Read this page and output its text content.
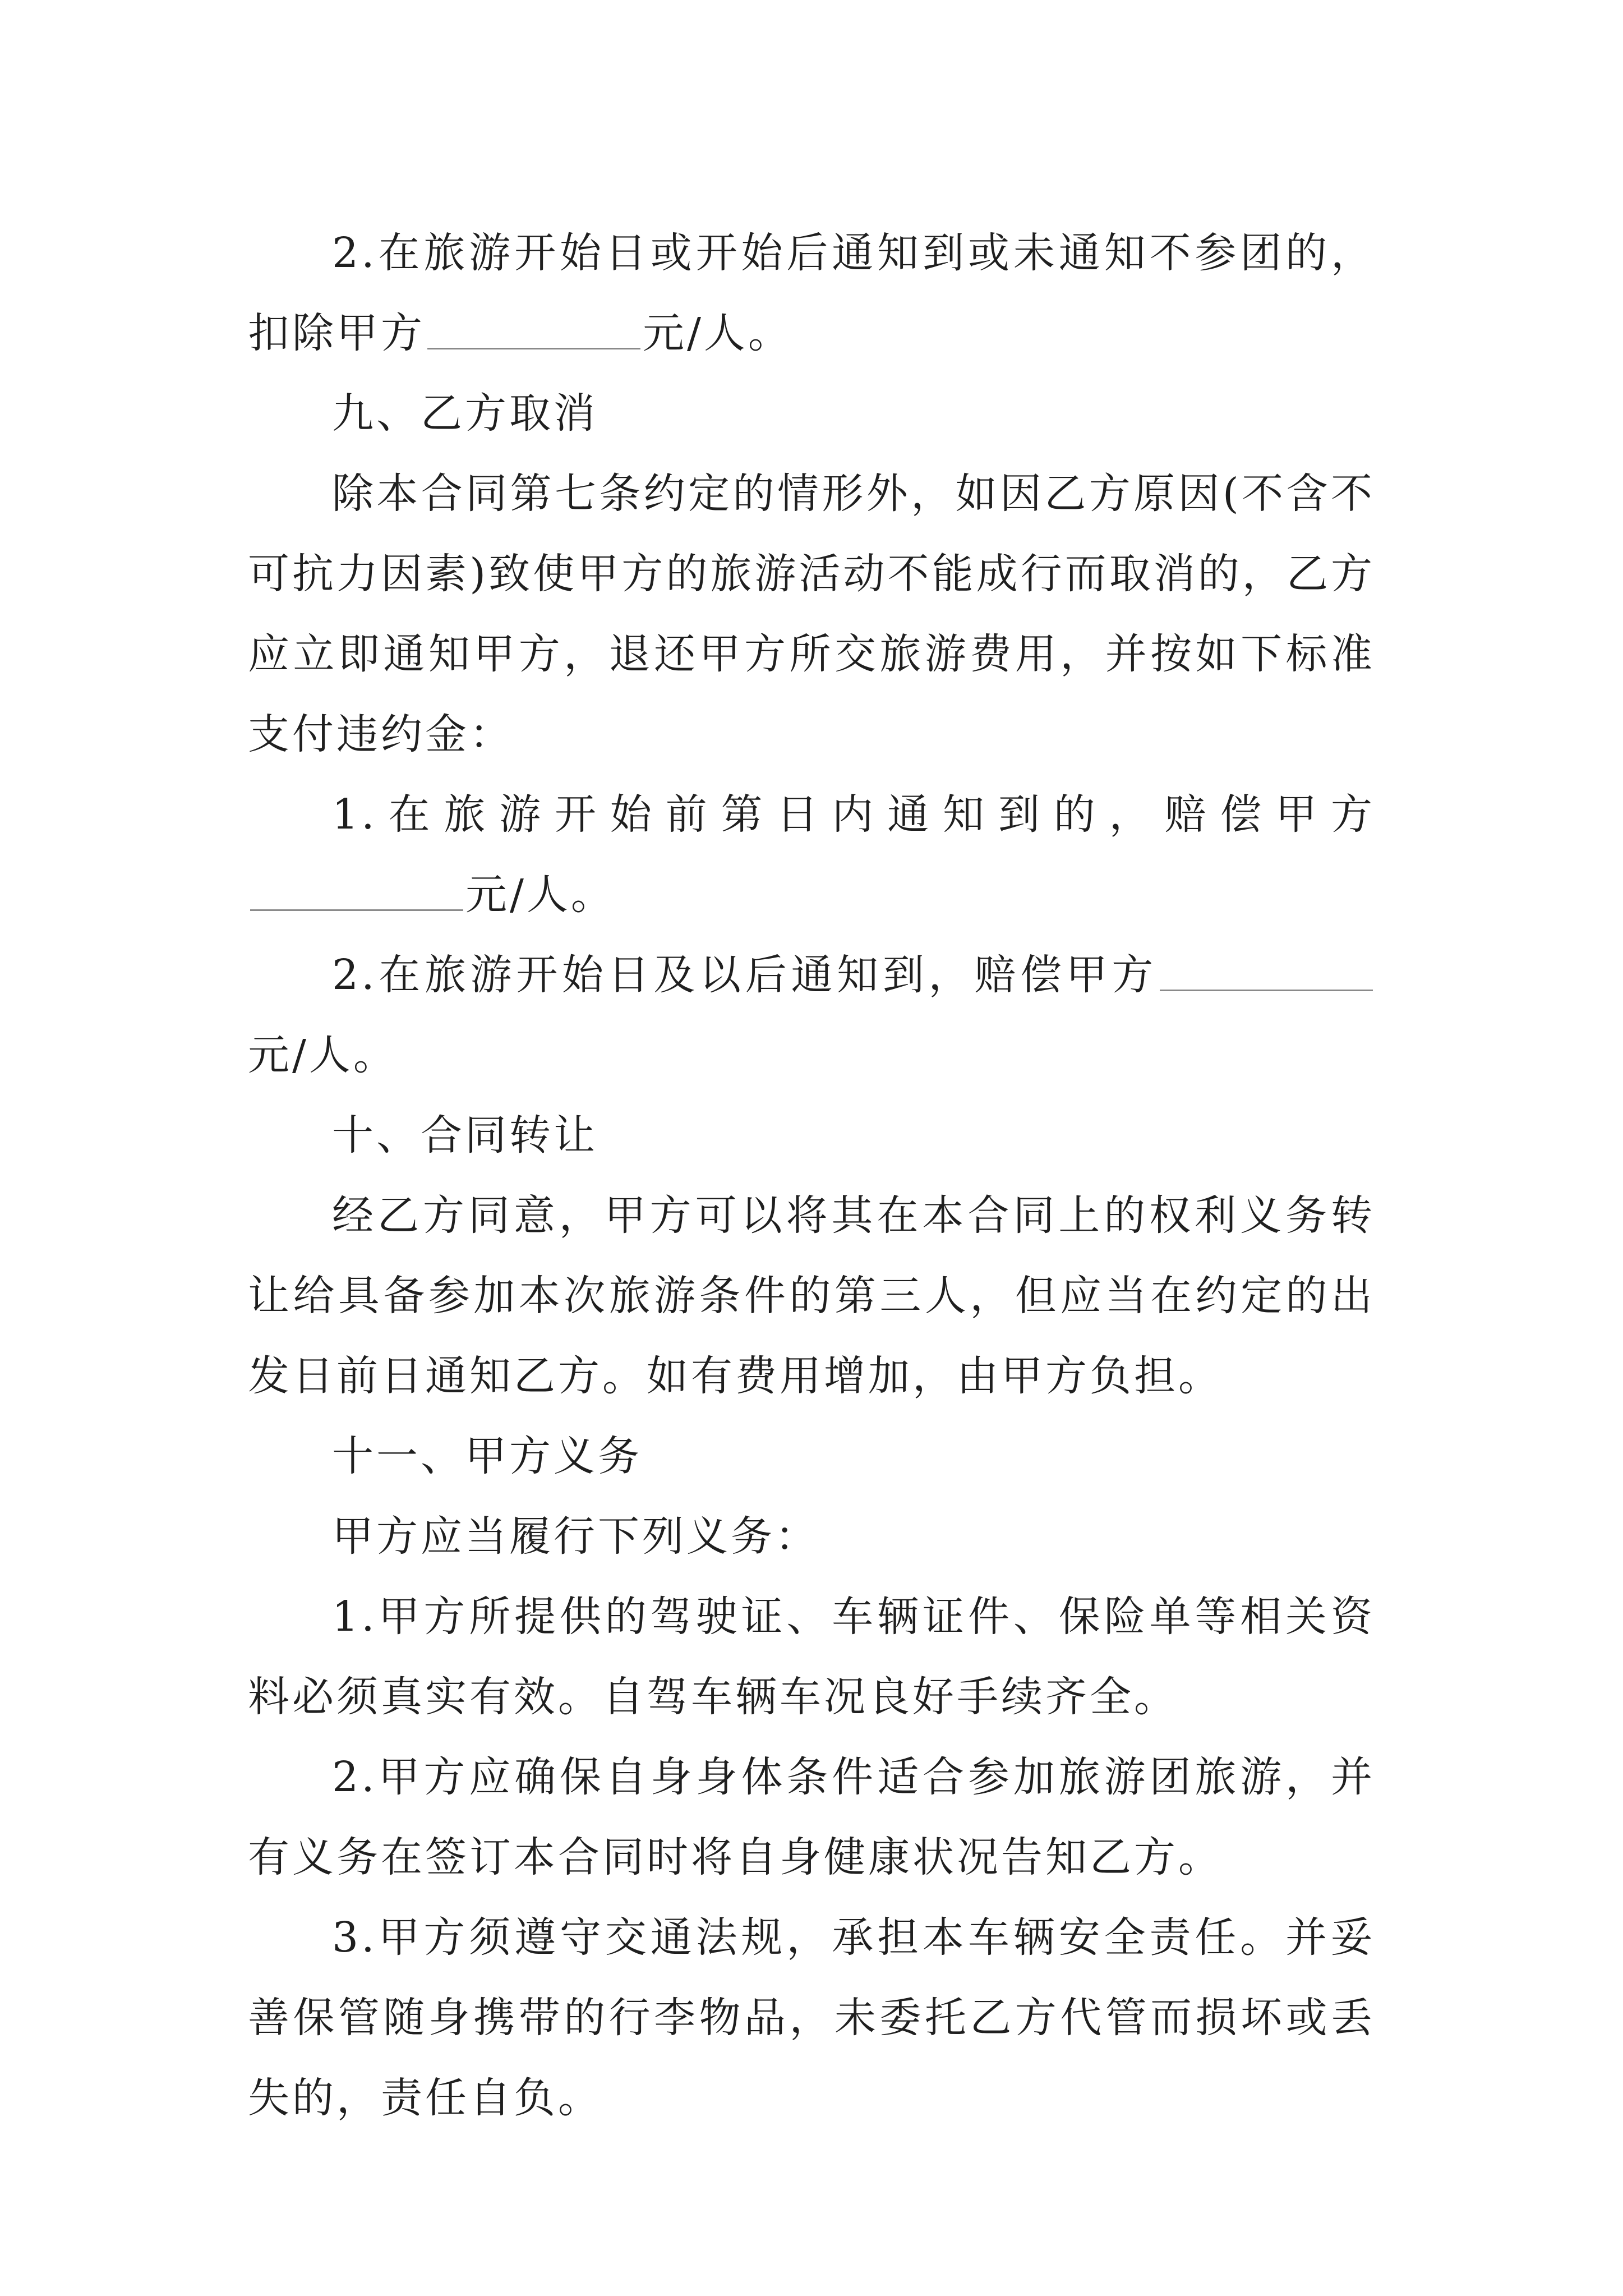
2.在旅游开始日或开始后通知到或未通知不参团的，扣除甲方	元/人。

九、乙方取消

除本合同第七条约定的情形外，如因乙方原因(不含不可抗力因素)致使甲方的旅游活动不能成行而取消的，乙方应立即通知甲方，退还甲方所交旅游费用，并按如下标准支付违约金：

1.在旅游开始前第日内通知到的，赔偿甲方元/人。

2.在旅游开始日及以后通知到，赔偿甲方元/人。

十、合同转让

经乙方同意，甲方可以将其在本合同上的权利义务转让给具备参加本次旅游条件的第三人，但应当在约定的出发日前日通知乙方。如有费用增加，由甲方负担。

十一、甲方义务

甲方应当履行下列义务：

1.甲方所提供的驾驶证、车辆证件、保险单等相关资料必须真实有效。自驾车辆车况良好手续齐全。

2.甲方应确保自身身体条件适合参加旅游团旅游，并有义务在签订本合同时将自身健康状况告知乙方。

3.甲方须遵守交通法规，承担本车辆安全责任。并妥善保管随身携带的行李物品，未委托乙方代管而损坏或丢失的，责任自负。
